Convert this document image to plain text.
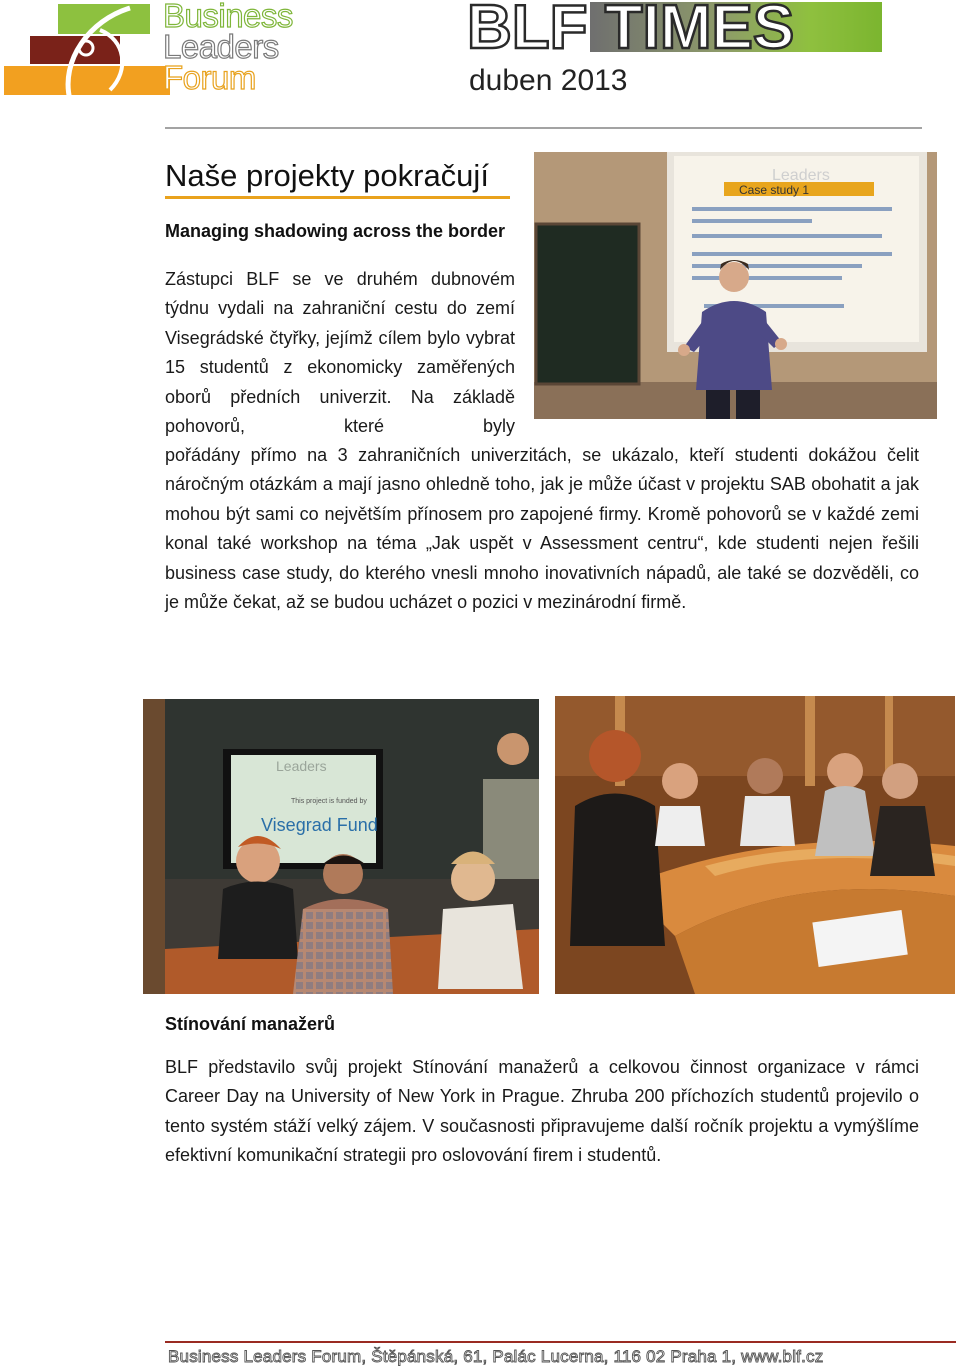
Business
Leaders
Forum
BLF TIMES
duben 2013
Naše projekty pokračují
Managing shadowing across the border
Zástupci BLF se ve druhém dubnovém týdnu vydali na zahraniční cestu do zemí Visegrádské čtyřky, jejímž cílem bylo vybrat 15 studentů z ekonomicky zaměřených oborů předních univerzit. Na základě pohovorů, které byly
pořádány přímo na 3 zahraničních univerzitách, se ukázalo, kteří studenti dokážou čelit náročným otázkám a mají jasno ohledně toho, jak je může účast v projektu SAB obohatit a jak mohou být sami co největším přínosem pro zapojené firmy. Kromě pohovorů se v každé zemi konal také workshop na téma „Jak uspět v Assessment centru“, kde studenti nejen řešili business case study, do kterého vnesli mnoho inovativních nápadů, ale také se dozvěděli, co je může čekat, až se budou ucházet o pozici v mezinárodní firmě.
Case study 1
Leaders
Leaders
This project is funded by
Visegrad Fund
Stínování manažerů
BLF představilo svůj projekt Stínování manažerů a celkovou činnost organizace v rámci Career Day na University of New York in Prague. Zhruba 200 příchozích studentů projevilo o tento systém stáží velký zájem. V současnosti připravujeme další ročník projektu a vymýšlíme efektivní komunikační strategii pro oslovování firem i studentů.
Business Leaders Forum, Štěpánská, 61, Palác Lucerna, 116 02 Praha 1, www.blf.cz
